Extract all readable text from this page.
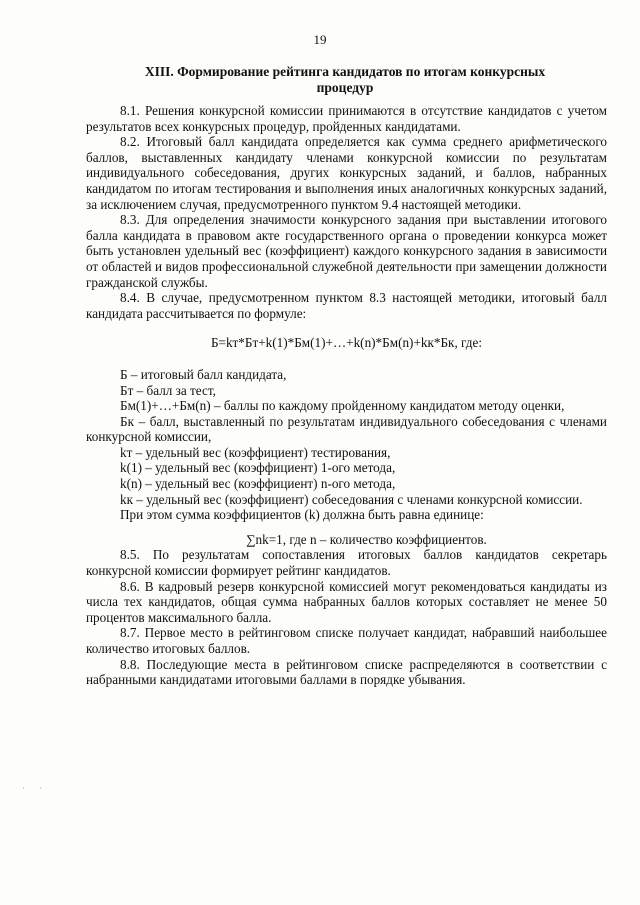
19
XIII. Формирование рейтинга кандидатов по итогам конкурсных
процедур

8.1. Решения конкурсной комиссии принимаются в отсутствие кандидатов с учетом результатов всех конкурсных процедур, пройденных кандидатами.

8.2. Итоговый балл кандидата определяется как сумма среднего арифметического баллов, выставленных кандидату членами конкурсной комиссии по результатам индивидуального собеседования, других конкурсных заданий, и баллов, набранных кандидатом по итогам тестирования и выполнения иных аналогичных конкурсных заданий, за исключением случая, предусмотренного пунктом 9.4 настоящей методики.

8.3. Для определения значимости конкурсного задания при выставлении итогового балла кандидата в правовом акте государственного органа о проведении конкурса может быть установлен удельный вес (коэффициент) каждого конкурсного задания в зависимости от областей и видов профессиональной служебной деятельности при замещении должности гражданской службы.

8.4. В случае, предусмотренном пунктом 8.3 настоящей методики, итоговый балл кандидата рассчитывается по формуле:

Б=kт*Бт+k(1)*Бм(1)+…+k(n)*Бм(n)+kк*Бк, где:

Б – итоговый балл кандидата,

Бт – балл за тест,

Бм(1)+…+Бм(n) – баллы по каждому пройденному кандидатом методу оценки,

Бк – балл, выставленный по результатам индивидуального собеседования с членами конкурсной комиссии,

kт – удельный вес (коэффициент) тестирования,

k(1) – удельный вес (коэффициент) 1-ого метода,

k(n) – удельный вес (коэффициент) n-ого метода,

kк – удельный вес (коэффициент) собеседования с членами конкурсной комиссии.

При этом сумма коэффициентов (k) должна быть равна единице:

∑nk=1, где n – количество коэффициентов.

8.5. По результатам сопоставления итоговых баллов кандидатов секретарь конкурсной комиссии формирует рейтинг кандидатов.

8.6. В кадровый резерв конкурсной комиссией могут рекомендоваться кандидаты из числа тех кандидатов, общая сумма набранных баллов которых составляет не менее 50 процентов максимального балла.

8.7. Первое место в рейтинговом списке получает кандидат, набравший наибольшее количество итоговых баллов.

8.8. Последующие места в рейтинговом списке распределяются в соответствии с набранными кандидатами итоговыми баллами в порядке убывания.

· ·
